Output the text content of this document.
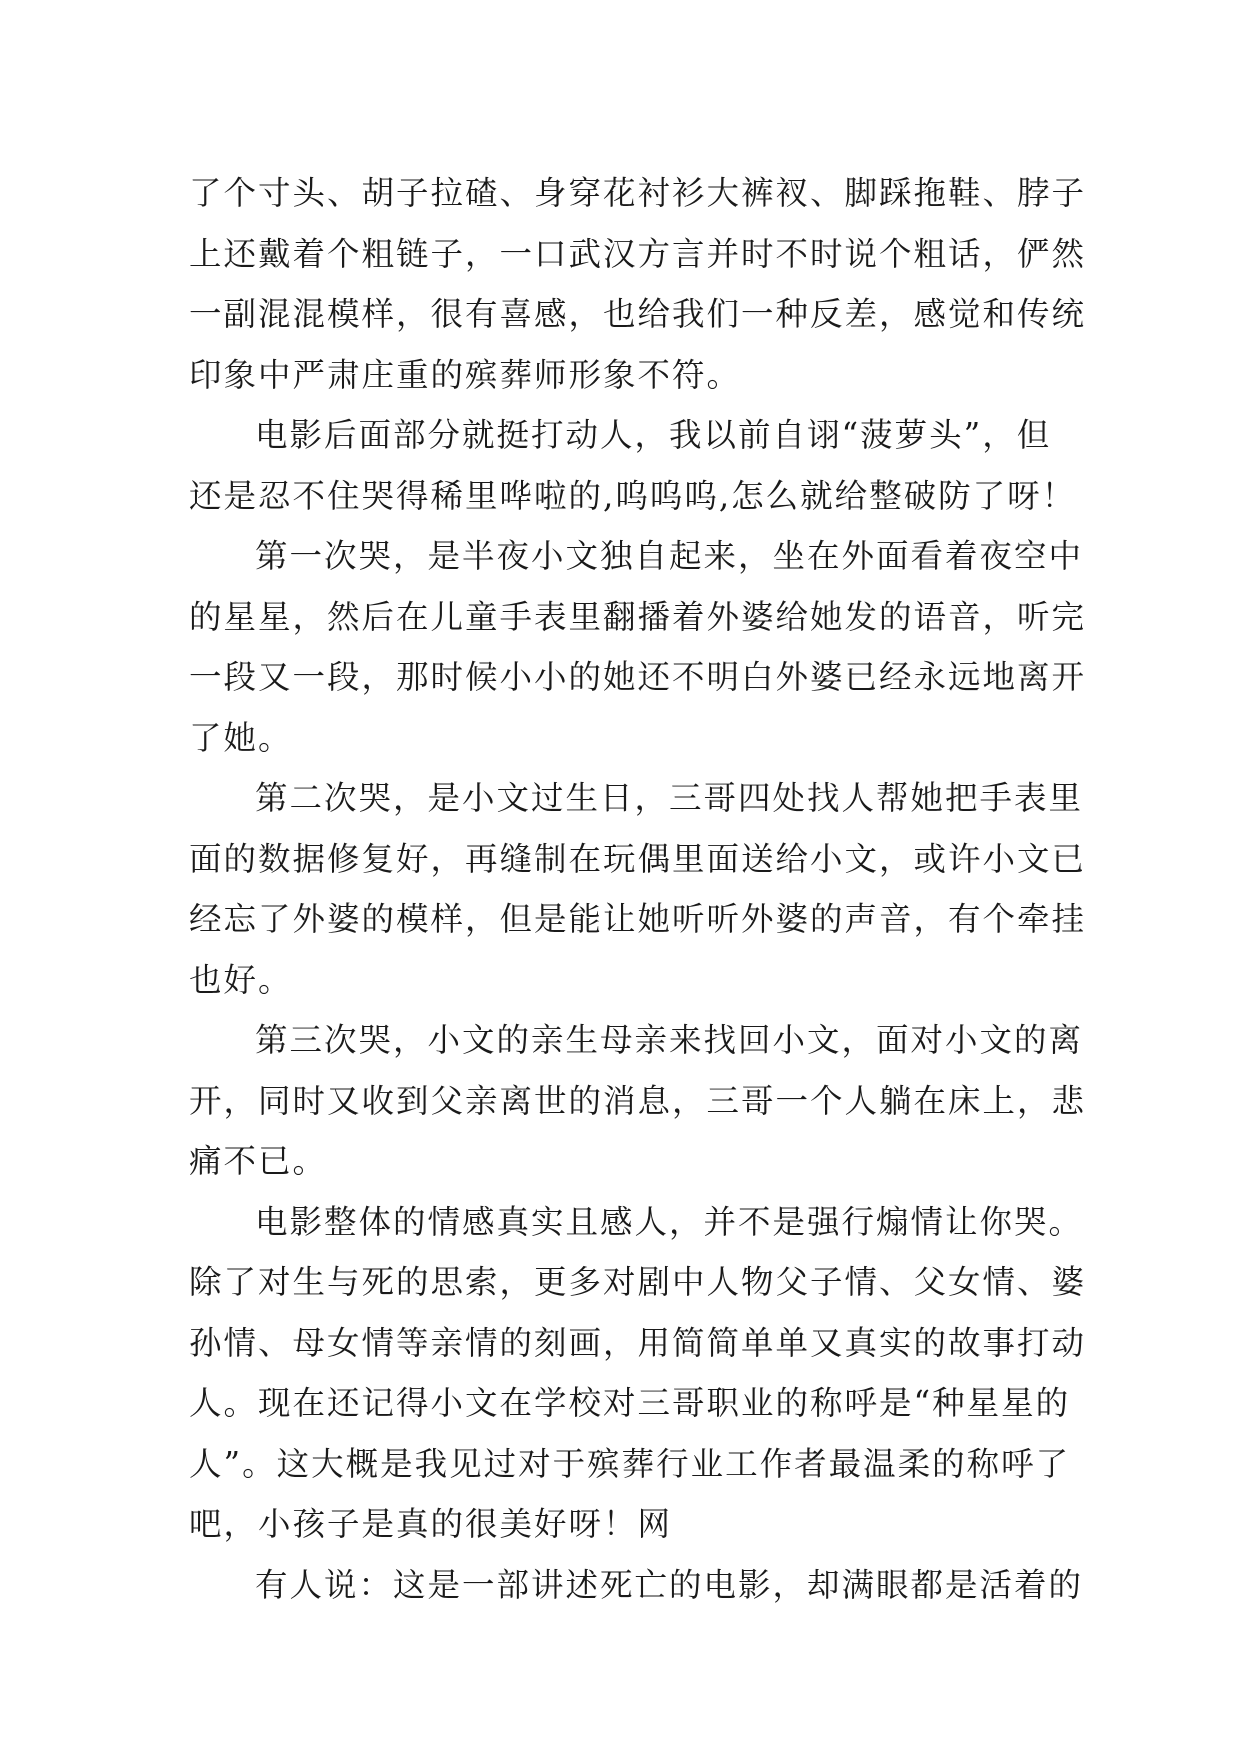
了个寸头、胡子拉碴、身穿花衬衫大裤衩、脚踩拖鞋、脖子
上还戴着个粗链子，一口武汉方言并时不时说个粗话，俨然
一副混混模样，很有喜感，也给我们一种反差，感觉和传统
印象中严肃庄重的殡葬师形象不符。
电影后面部分就挺打动人，我以前自诩“菠萝头”，但
还是忍不住哭得稀里哗啦的,呜呜呜,怎么就给整破防了呀！
第一次哭，是半夜小文独自起来，坐在外面看着夜空中
的星星，然后在儿童手表里翻播着外婆给她发的语音，听完
一段又一段，那时候小小的她还不明白外婆已经永远地离开
了她。
第二次哭，是小文过生日，三哥四处找人帮她把手表里
面的数据修复好，再缝制在玩偶里面送给小文，或许小文已
经忘了外婆的模样，但是能让她听听外婆的声音，有个牵挂
也好。
第三次哭，小文的亲生母亲来找回小文，面对小文的离
开，同时又收到父亲离世的消息，三哥一个人躺在床上，悲
痛不已。
电影整体的情感真实且感人，并不是强行煽情让你哭。
除了对生与死的思索，更多对剧中人物父子情、父女情、婆
孙情、母女情等亲情的刻画，用简简单单又真实的故事打动
人。现在还记得小文在学校对三哥职业的称呼是“种星星的
人”。这大概是我见过对于殡葬行业工作者最温柔的称呼了
吧，小孩子是真的很美好呀！网
有人说：这是一部讲述死亡的电影，却满眼都是活着的
